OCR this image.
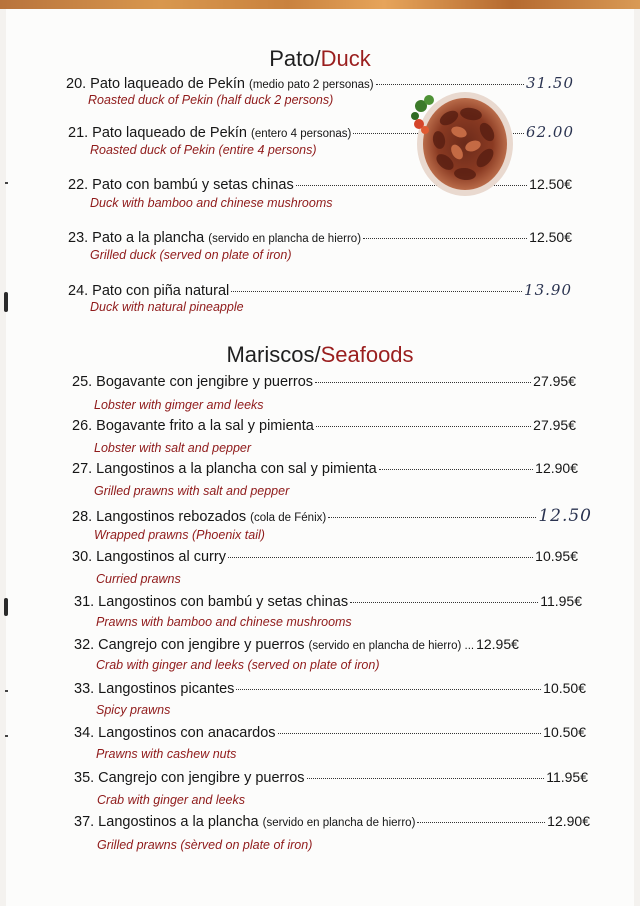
Pato/Duck
20. Pato laqueado de Pekín (medio pato 2 personas)	31.50
Roasted duck of Pekin (half duck 2 persons)
21. Pato laqueado de Pekín (entero 4 personas)	62.00
Roasted duck of Pekin (entire 4 persons)
22. Pato con bambú y setas chinas	12.50€
Duck with bamboo and chinese mushrooms
23. Pato a la plancha (servido en plancha de hierro)	12.50€
Grilled duck (served on plate of iron)
24. Pato con piña natural	13.90
Duck with natural pineapple
Mariscos/Seafoods
25. Bogavante con jengibre y puerros	27.95€
Lobster with gimger amd leeks
26. Bogavante frito a la sal y pimienta	27.95€
Lobster with salt and pepper
27. Langostinos a la plancha con sal y pimienta	12.90€
Grilled prawns with salt and pepper
28. Langostinos rebozados (cola de Fénix)	12.50
Wrapped prawns (Phoenix tail)
30. Langostinos al curry	10.95€
Curried prawns
31. Langostinos con bambú y setas chinas	11.95€
Prawns with bamboo and chinese mushrooms
32. Cangrejo con jengibre y puerros (servido en plancha de hierro) ... 12.95€
Crab with ginger and leeks (served on plate of iron)
33. Langostinos picantes	10.50€
Spicy prawns
34. Langostinos con anacardos	10.50€
Prawns with cashew nuts
35. Cangrejo con jengibre y puerros	11.95€
Crab with ginger and leeks
37. Langostinos a la plancha (servido en plancha de hierro)	12.90€
Grilled prawns (sèrved on plate of iron)
